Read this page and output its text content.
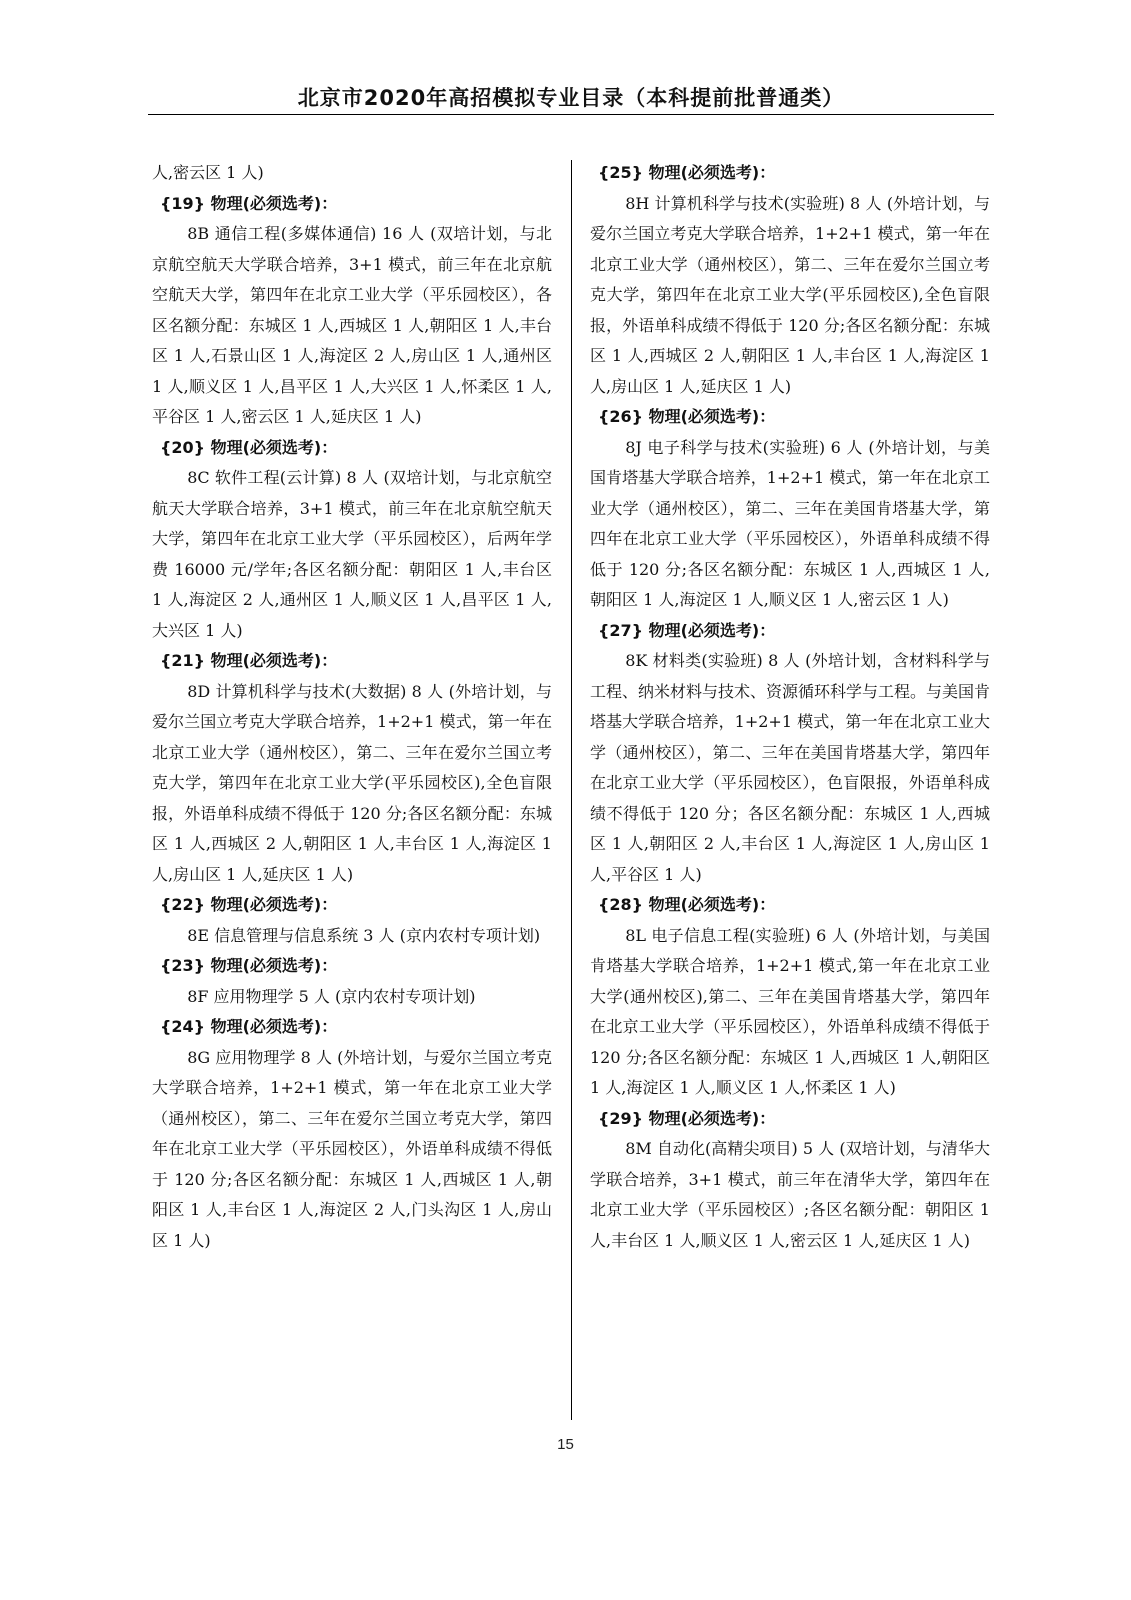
北京市2020年高招模拟专业目录（本科提前批普通类）
人,密云区 1 人)
{19} 物理(必须选考)：
8B 通信工程(多媒体通信) 16 人 (双培计划，与北京航空航天大学联合培养，3+1 模式，前三年在北京航空航天大学，第四年在北京工业大学（平乐园校区），各区名额分配：东城区 1 人,西城区 1 人,朝阳区 1 人,丰台区 1 人,石景山区 1 人,海淀区 2 人,房山区 1 人,通州区 1 人,顺义区 1 人,昌平区 1 人,大兴区 1 人,怀柔区 1 人,平谷区 1 人,密云区 1 人,延庆区 1 人)
{20} 物理(必须选考)：
8C 软件工程(云计算) 8 人 (双培计划，与北京航空航天大学联合培养，3+1 模式，前三年在北京航空航天大学，第四年在北京工业大学（平乐园校区），后两年学费 16000 元/学年;各区名额分配：朝阳区 1 人,丰台区 1 人,海淀区 2 人,通州区 1 人,顺义区 1 人,昌平区 1 人,大兴区 1 人)
{21} 物理(必须选考)：
8D 计算机科学与技术(大数据) 8 人 (外培计划，与爱尔兰国立考克大学联合培养，1+2+1 模式，第一年在北京工业大学（通州校区），第二、三年在爱尔兰国立考克大学，第四年在北京工业大学(平乐园校区),全色盲限报，外语单科成绩不得低于 120 分;各区名额分配：东城区 1 人,西城区 2 人,朝阳区 1 人,丰台区 1 人,海淀区 1 人,房山区 1 人,延庆区 1 人)
{22} 物理(必须选考)：
8E 信息管理与信息系统 3 人 (京内农村专项计划)
{23} 物理(必须选考)：
8F 应用物理学 5 人 (京内农村专项计划)
{24} 物理(必须选考)：
8G 应用物理学 8 人 (外培计划，与爱尔兰国立考克大学联合培养，1+2+1 模式，第一年在北京工业大学（通州校区），第二、三年在爱尔兰国立考克大学，第四年在北京工业大学（平乐园校区），外语单科成绩不得低于 120 分;各区名额分配：东城区 1 人,西城区 1 人,朝阳区 1 人,丰台区 1 人,海淀区 2 人,门头沟区 1 人,房山区 1 人)
{25} 物理(必须选考)：
8H 计算机科学与技术(实验班) 8 人 (外培计划，与爱尔兰国立考克大学联合培养，1+2+1 模式，第一年在北京工业大学（通州校区），第二、三年在爱尔兰国立考克大学，第四年在北京工业大学(平乐园校区),全色盲限报，外语单科成绩不得低于 120 分;各区名额分配：东城区 1 人,西城区 2 人,朝阳区 1 人,丰台区 1 人,海淀区 1 人,房山区 1 人,延庆区 1 人)
{26} 物理(必须选考)：
8J 电子科学与技术(实验班) 6 人 (外培计划，与美国肯塔基大学联合培养，1+2+1 模式，第一年在北京工业大学（通州校区），第二、三年在美国肯塔基大学，第四年在北京工业大学（平乐园校区），外语单科成绩不得低于 120 分;各区名额分配：东城区 1 人,西城区 1 人,朝阳区 1 人,海淀区 1 人,顺义区 1 人,密云区 1 人)
{27} 物理(必须选考)：
8K 材料类(实验班) 8 人 (外培计划，含材料科学与工程、纳米材料与技术、资源循环科学与工程。与美国肯塔基大学联合培养，1+2+1 模式，第一年在北京工业大学（通州校区），第二、三年在美国肯塔基大学，第四年在北京工业大学（平乐园校区），色盲限报，外语单科成绩不得低于 120 分；各区名额分配：东城区 1 人,西城区 1 人,朝阳区 2 人,丰台区 1 人,海淀区 1 人,房山区 1 人,平谷区 1 人)
{28} 物理(必须选考)：
8L 电子信息工程(实验班) 6 人 (外培计划，与美国肯塔基大学联合培养，1+2+1 模式,第一年在北京工业大学(通州校区),第二、三年在美国肯塔基大学，第四年在北京工业大学（平乐园校区），外语单科成绩不得低于 120 分;各区名额分配：东城区 1 人,西城区 1 人,朝阳区 1 人,海淀区 1 人,顺义区 1 人,怀柔区 1 人)
{29} 物理(必须选考)：
8M 自动化(高精尖项目) 5 人 (双培计划，与清华大学联合培养，3+1 模式，前三年在清华大学，第四年在北京工业大学（平乐园校区）;各区名额分配：朝阳区 1 人,丰台区 1 人,顺义区 1 人,密云区 1 人,延庆区 1 人)
15
